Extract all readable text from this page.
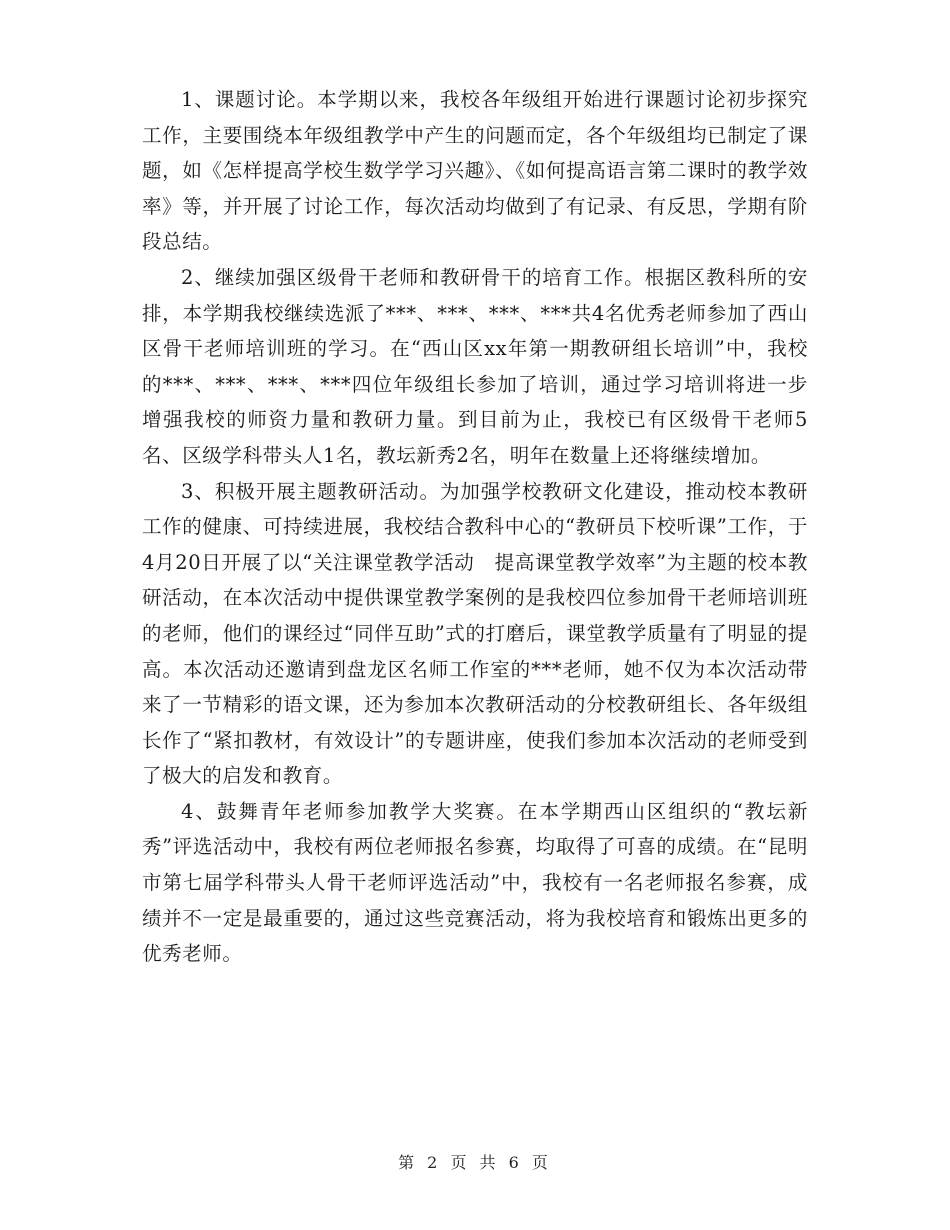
1、课题讨论。本学期以来，我校各年级组开始进行课题讨论初步探究工作，主要围绕本年级组教学中产生的问题而定，各个年级组均已制定了课题，如《怎样提高学校生数学学习兴趣》、《如何提高语言第二课时的教学效率》等，并开展了讨论工作，每次活动均做到了有记录、有反思，学期有阶段总结。

2、继续加强区级骨干老师和教研骨干的培育工作。根据区教科所的安排，本学期我校继续选派了***、***、***、***共4名优秀老师参加了西山区骨干老师培训班的学习。在“西山区xx年第一期教研组长培训”中，我校的***、***、***、***四位年级组长参加了培训，通过学习培训将进一步增强我校的师资力量和教研力量。到目前为止，我校已有区级骨干老师5名、区级学科带头人1名，教坛新秀2名，明年在数量上还将继续增加。

3、积极开展主题教研活动。为加强学校教研文化建设，推动校本教研工作的健康、可持续进展，我校结合教科中心的“教研员下校听课”工作，于4月20日开展了以“关注课堂教学活动　提高课堂教学效率”为主题的校本教研活动，在本次活动中提供课堂教学案例的是我校四位参加骨干老师培训班的老师，他们的课经过“同伴互助”式的打磨后，课堂教学质量有了明显的提高。本次活动还邀请到盘龙区名师工作室的***老师，她不仅为本次活动带来了一节精彩的语文课，还为参加本次教研活动的分校教研组长、各年级组长作了“紧扣教材，有效设计”的专题讲座，使我们参加本次活动的老师受到了极大的启发和教育。

4、鼓舞青年老师参加教学大奖赛。在本学期西山区组织的“教坛新秀”评选活动中，我校有两位老师报名参赛，均取得了可喜的成绩。在“昆明市第七届学科带头人骨干老师评选活动”中，我校有一名老师报名参赛，成绩并不一定是最重要的，通过这些竞赛活动，将为我校培育和锻炼出更多的优秀老师。

第 2 页 共 6 页
